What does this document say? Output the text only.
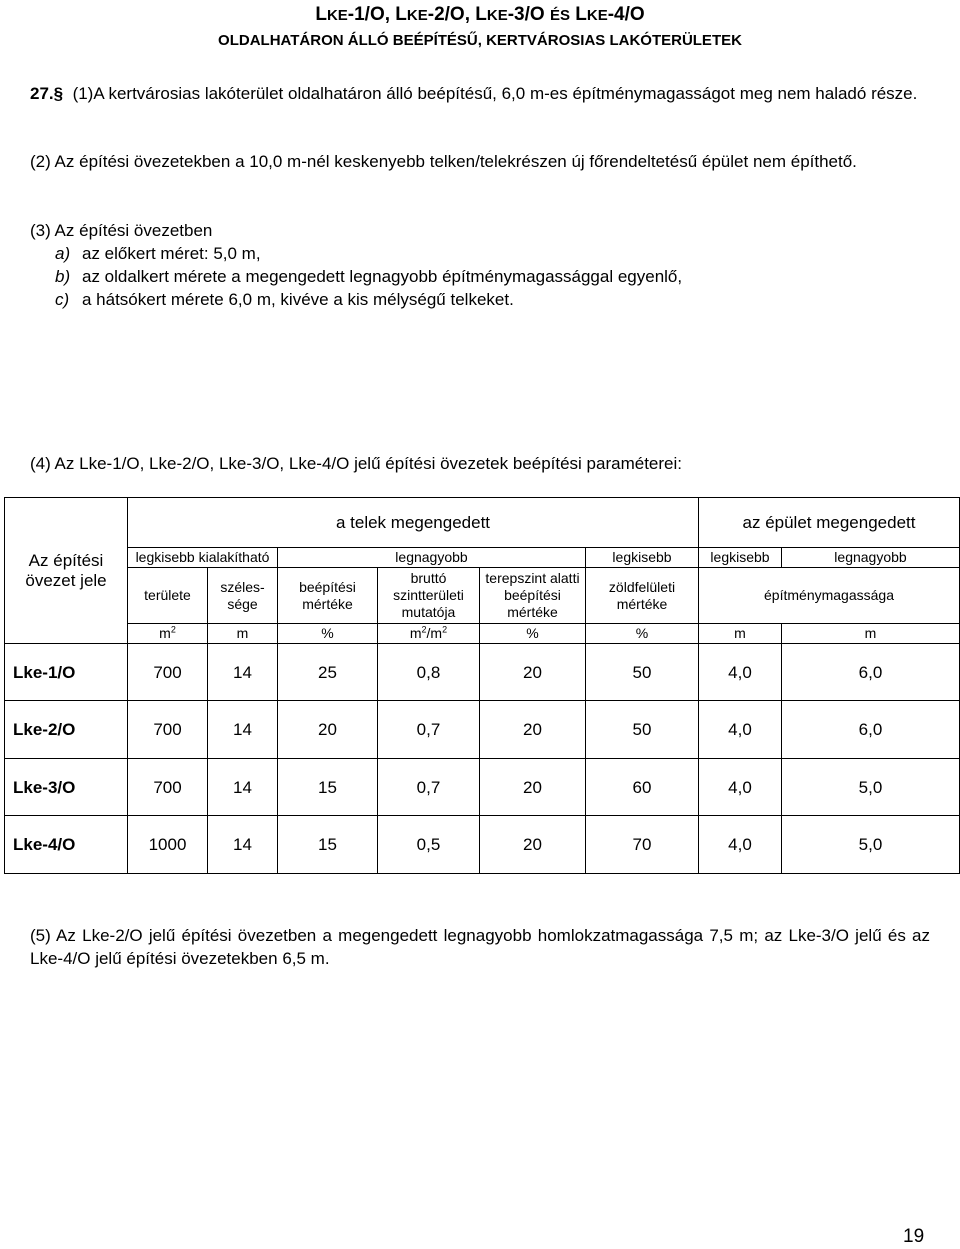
LKE-1/O, LKE-2/O, LKE-3/O ÉS LKE-4/O
OLDALHATÁRON ÁLLÓ BEÉPÍTÉSŰ, KERTVÁROSIAS LAKÓTERÜLETEK
27.§ (1)A kertvárosias lakóterület oldalhatáron álló beépítésű, 6,0 m-es építménymagasságot meg nem haladó része.
(2) Az építési övezetekben a 10,0 m-nél keskenyebb telken/telekrészen új főrendeltetésű épület nem építhető.
(3) Az építési övezetben
a) az előkert méret: 5,0 m,
b) az oldalkert mérete a megengedett legnagyobb építménymagassággal egyenlő,
c) a hátsókert mérete 6,0 m, kivéve a kis mélységű telkeket.
(4) Az Lke-1/O, Lke-2/O, Lke-3/O, Lke-4/O jelű építési övezetek beépítési paraméterei:
Az építési övezet jele	a telek megengedett						az épület megengedett	
	legkisebb kialakítható		legnagyobb			legkisebb	legkisebb	legnagyobb
	területe	széles-sége	beépítési mértéke	bruttó szintterületi mutatója	terepszint alatti beépítési mértéke	zöldfelületi mértéke	építménymagassága	
	$m^2$	m	%	$m^2/m^2$	%	%	m	m
Lke-1/O	700	14	25	0,8	20	50	4,0	6,0
Lke-2/O	700	14	20	0,7	20	50	4,0	6,0
Lke-3/O	700	14	15	0,7	20	60	4,0	5,0
Lke-4/O	1000	14	15	0,5	20	70	4,0	5,0
(5) Az Lke-2/O jelű építési övezetben a megengedett legnagyobb homlokzatmagassága 7,5 m; az Lke-3/O jelű és az Lke-4/O jelű építési övezetekben 6,5 m.
19
